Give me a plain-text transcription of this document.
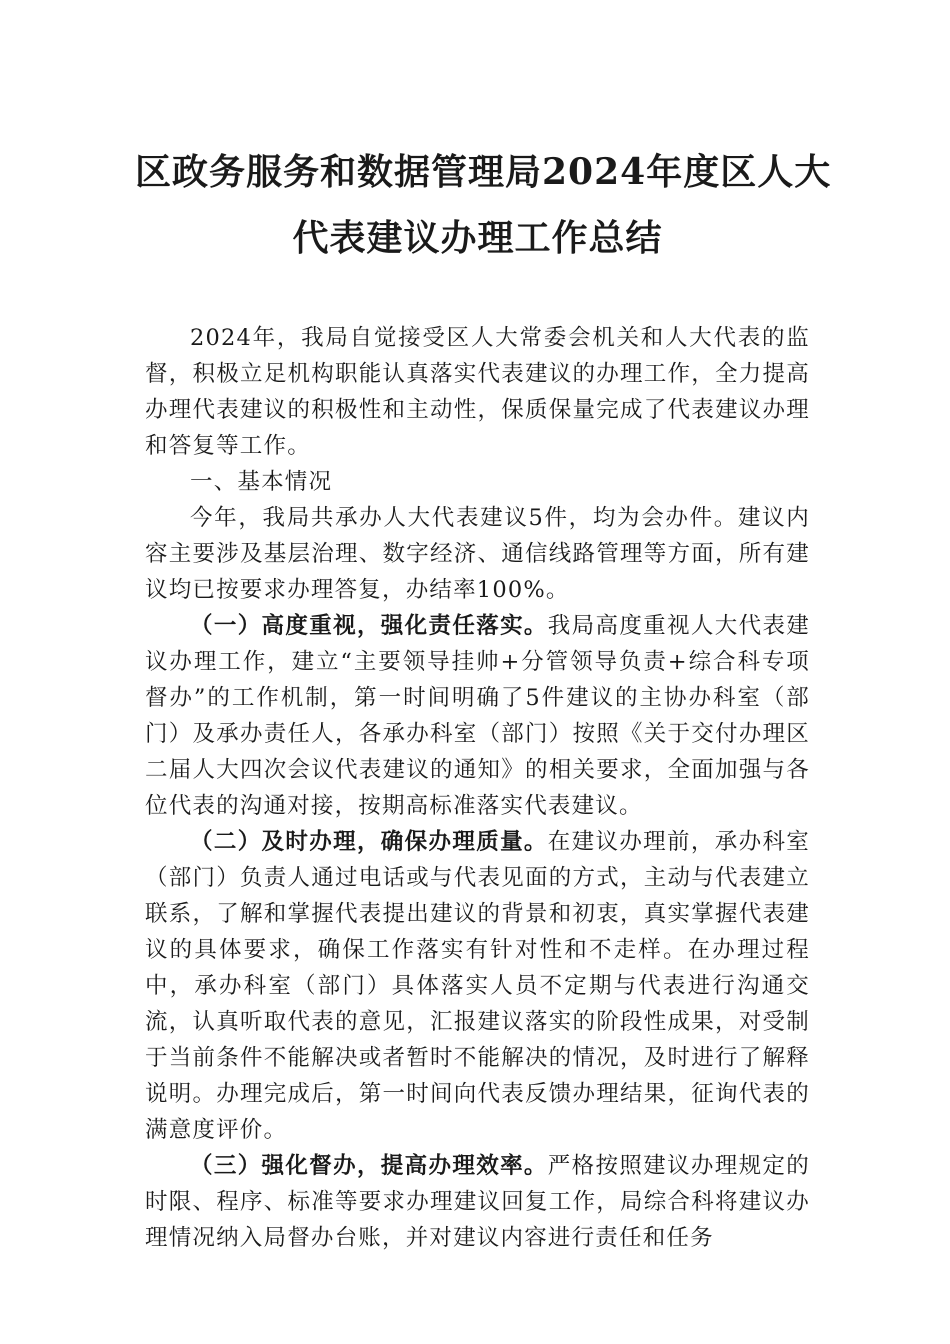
区政务服务和数据管理局2024年度区人大
代表建议办理工作总结

2024年，我局自觉接受区人大常委会机关和人大代表的监督，积极立足机构职能认真落实代表建议的办理工作，全力提高办理代表建议的积极性和主动性，保质保量完成了代表建议办理和答复等工作。

一、基本情况

今年，我局共承办人大代表建议5件，均为会办件。建议内容主要涉及基层治理、数字经济、通信线路管理等方面，所有建议均已按要求办理答复，办结率100%。

（一）高度重视，强化责任落实。我局高度重视人大代表建议办理工作，建立“主要领导挂帅+分管领导负责+综合科专项督办”的工作机制，第一时间明确了5件建议的主协办科室（部门）及承办责任人，各承办科室（部门）按照《关于交付办理区二届人大四次会议代表建议的通知》的相关要求，全面加强与各位代表的沟通对接，按期高标准落实代表建议。

（二）及时办理，确保办理质量。在建议办理前，承办科室（部门）负责人通过电话或与代表见面的方式，主动与代表建立联系，了解和掌握代表提出建议的背景和初衷，真实掌握代表建议的具体要求，确保工作落实有针对性和不走样。在办理过程中，承办科室（部门）具体落实人员不定期与代表进行沟通交流，认真听取代表的意见，汇报建议落实的阶段性成果，对受制于当前条件不能解决或者暂时不能解决的情况，及时进行了解释说明。办理完成后，第一时间向代表反馈办理结果，征询代表的满意度评价。

（三）强化督办，提高办理效率。严格按照建议办理规定的时限、程序、标准等要求办理建议回复工作，局综合科将建议办理情况纳入局督办台账，并对建议内容进行责任和任务
